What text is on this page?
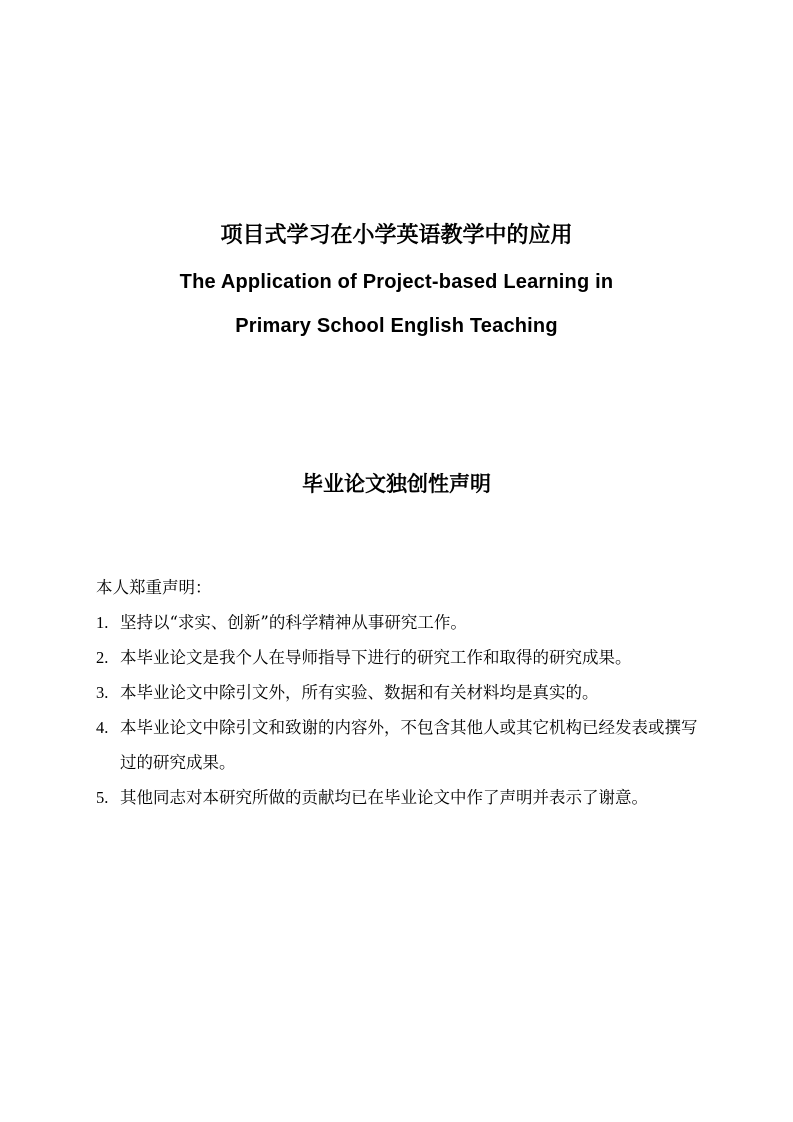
项目式学习在小学英语教学中的应用
The Application of Project-based Learning in
Primary School English Teaching
毕业论文独创性声明

本人郑重声明：

1. 坚持以“求实、创新”的科学精神从事研究工作。
2. 本毕业论文是我个人在导师指导下进行的研究工作和取得的研究成果。
3. 本毕业论文中除引文外，所有实验、数据和有关材料均是真实的。
4. 本毕业论文中除引文和致谢的内容外，不包含其他人或其它机构已经发表或撰写过的研究成果。
5. 其他同志对本研究所做的贡献均已在毕业论文中作了声明并表示了谢意。
